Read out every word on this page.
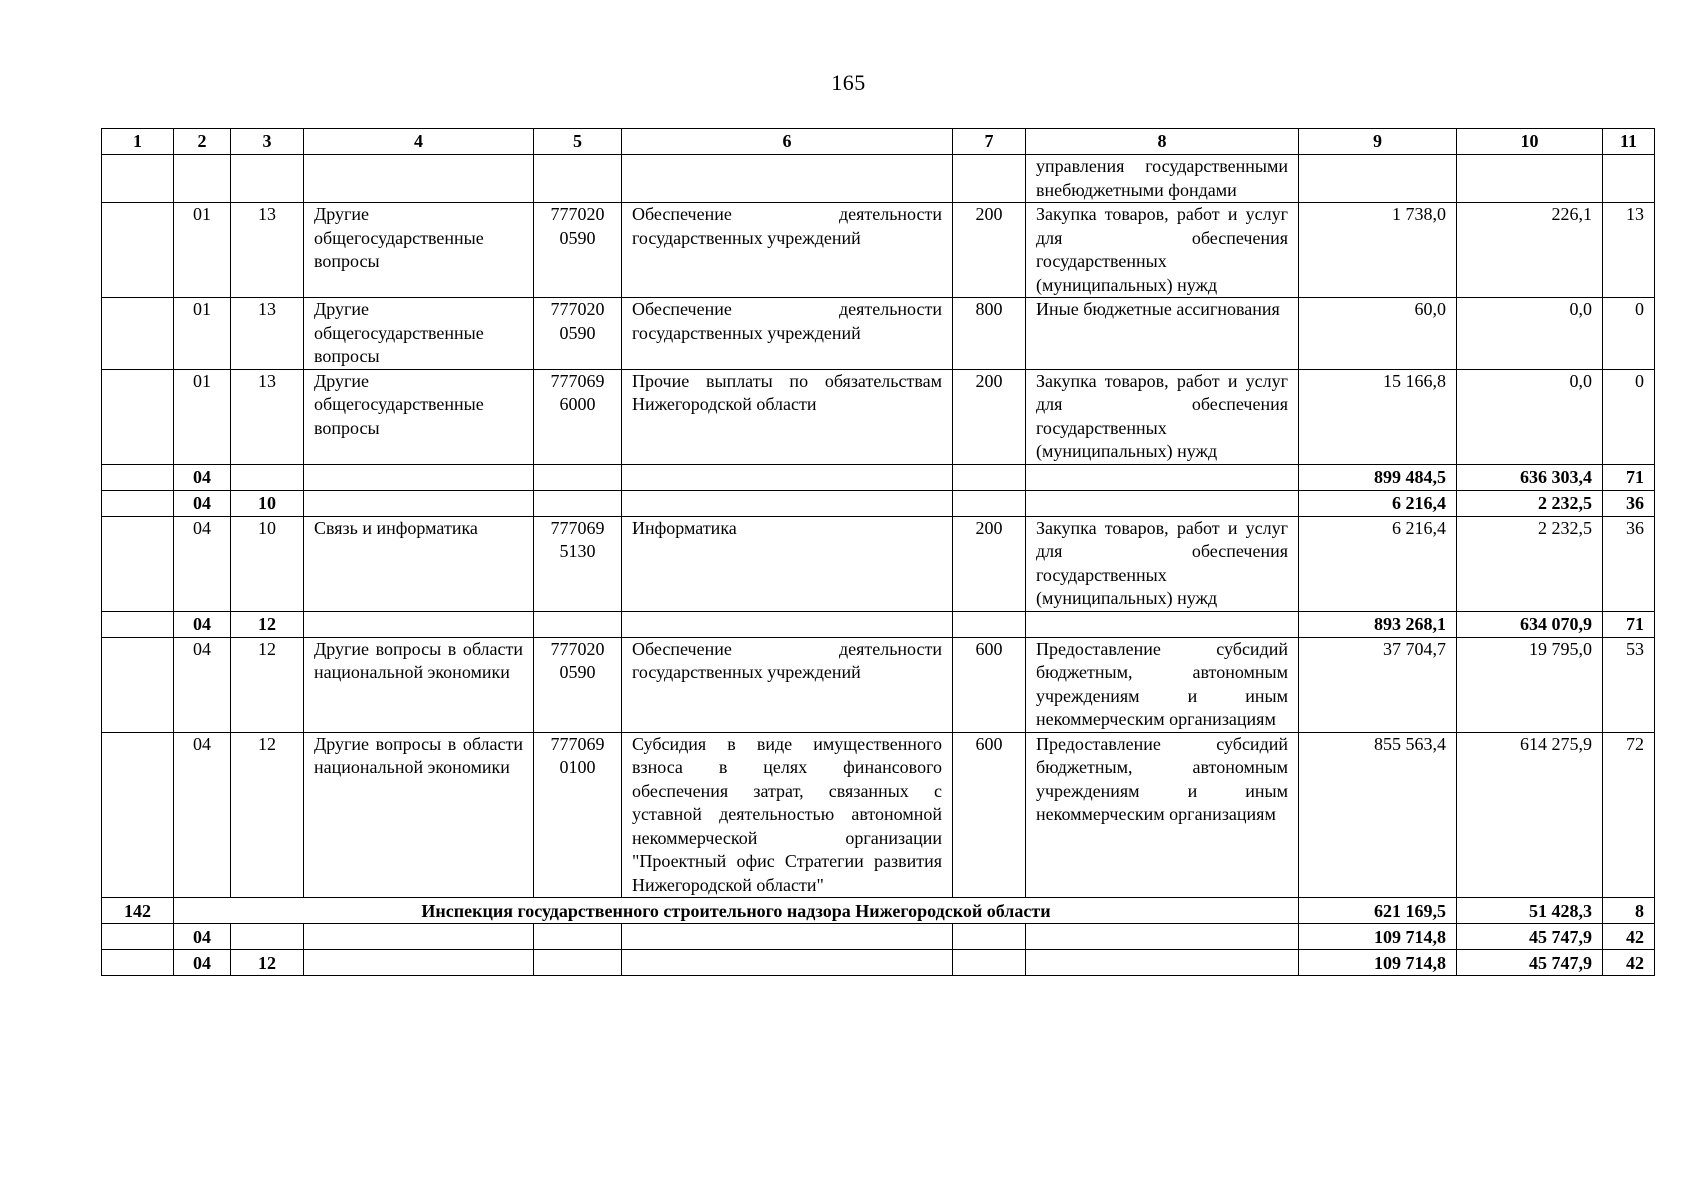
165
1	2	3	4	5	6	7	8	9	10	11
							управления государственными внебюджетными фондами			
	01	13	Другие общегосударственные вопросы	777020 0590	Обеспечение деятельности государственных учреждений	200	Закупка товаров, работ и услуг для обеспечения государственных (муниципальных) нужд	1 738,0	226,1	13
	01	13	Другие общегосударственные вопросы	777020 0590	Обеспечение деятельности государственных учреждений	800	Иные бюджетные ассигнования	60,0	0,0	0
	01	13	Другие общегосударственные вопросы	777069 6000	Прочие выплаты по обязательствам Нижегородской области	200	Закупка товаров, работ и услуг для обеспечения государственных (муниципальных) нужд	15 166,8	0,0	0
	04							899 484,5	636 303,4	71
	04	10						6 216,4	2 232,5	36
	04	10	Связь и информатика	777069 5130	Информатика	200	Закупка товаров, работ и услуг для обеспечения государственных (муниципальных) нужд	6 216,4	2 232,5	36
	04	12						893 268,1	634 070,9	71
	04	12	Другие вопросы в области национальной экономики	777020 0590	Обеспечение деятельности государственных учреждений	600	Предоставление субсидий бюджетным, автономным учреждениям и иным некоммерческим организациям	37 704,7	19 795,0	53
	04	12	Другие вопросы в области национальной экономики	777069 0100	Субсидия в виде имущественного взноса в целях финансового обеспечения затрат, связанных с уставной деятельностью автономной некоммерческой организации "Проектный офис Стратегии развития Нижегородской области"	600	Предоставление субсидий бюджетным, автономным учреждениям и иным некоммерческим организациям	855 563,4	614 275,9	72
142	Инспекция государственного строительного надзора Нижегородской области							621 169,5	51 428,3	8
	04							109 714,8	45 747,9	42
	04	12						109 714,8	45 747,9	42
